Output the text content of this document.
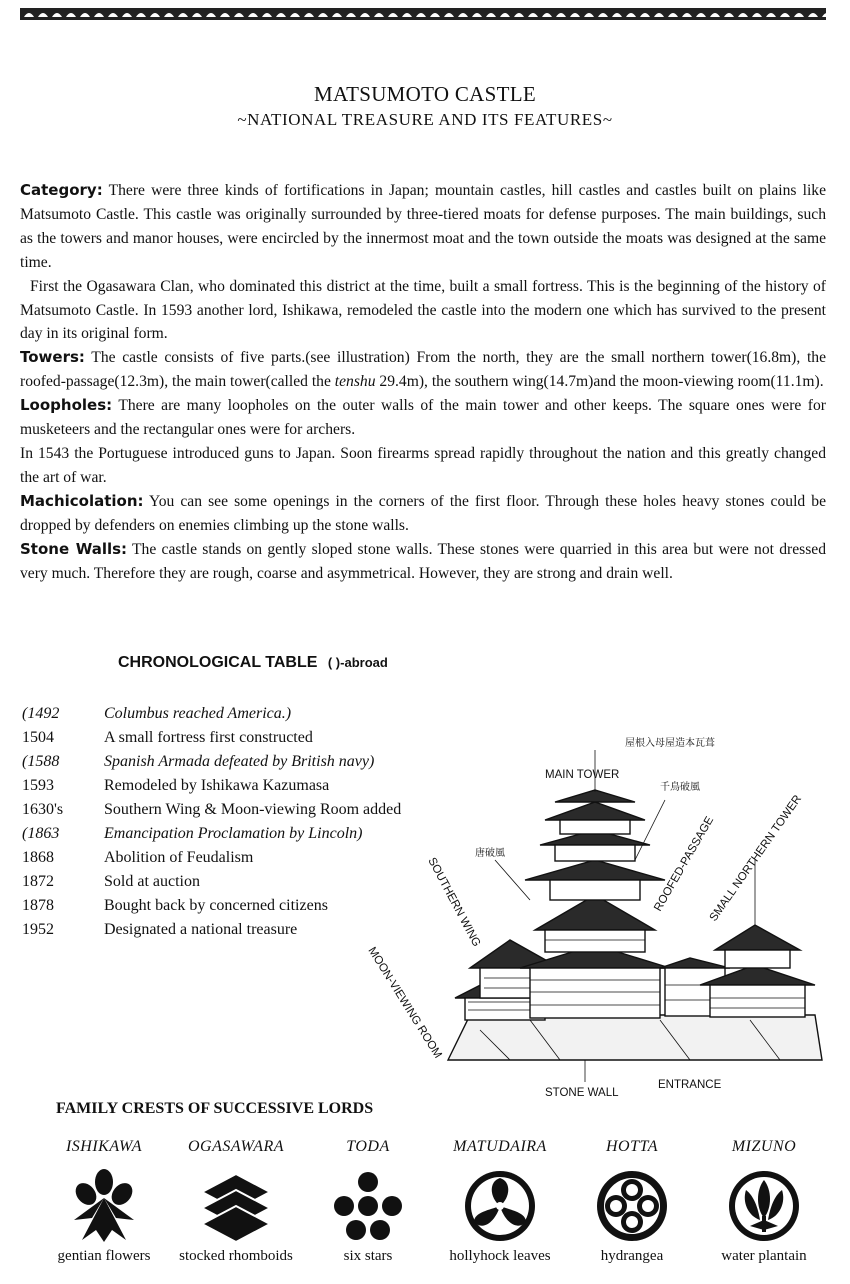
MATSUMOTO CASTLE
~NATIONAL TREASURE AND ITS FEATURES~

Category: There were three kinds of fortifications in Japan; mountain castles, hill castles and castles built on plains like Matsumoto Castle. This castle was originally surrounded by three-tiered moats for defense purposes. The main buildings, such as the towers and manor houses, were encircled by the innermost moat and the town outside the moats was designed at the same time.

First the Ogasawara Clan, who dominated this district at the time, built a small fortress. This is the beginning of the history of Matsumoto Castle. In 1593 another lord, Ishikawa, remodeled the castle into the modern one which has survived to the present day in its original form.

Towers: The castle consists of five parts.(see illustration) From the north, they are the small northern tower(16.8m), the roofed-passage(12.3m), the main tower(called the tenshu 29.4m), the southern wing(14.7m)and the moon-viewing room(11.1m).

Loopholes: There are many loopholes on the outer walls of the main tower and other keeps. The square ones were for musketeers and the rectangular ones were for archers.

In 1543 the Portuguese introduced guns to Japan. Soon firearms spread rapidly throughout the nation and this greatly changed the art of war.

Machicolation: You can see some openings in the corners of the first floor. Through these holes heavy stones could be dropped by defenders on enemies climbing up the stone walls.

Stone Walls: The castle stands on gently sloped stone walls. These stones were quarried in this area but were not dressed very much. Therefore they are rough, coarse and asymmetrical. However, they are strong and drain well.

CHRONOLOGICAL TABLE ( )-abroad
(1492	Columbus reached America.)
1504	A small fortress first constructed
(1588	Spanish Armada defeated by British navy)
1593	Remodeled by Ishikawa Kazumasa
1630's	Southern Wing & Moon-viewing Room added
(1863	Emancipation Proclamation by Lincoln)
1868	Abolition of Feudalism
1872	Sold at auction
1878	Bought back by concerned citizens
1952	Designated a national treasure
屋根入母屋造本瓦葺
千鳥破風
唐破風
MAIN TOWER
ROOFED-PASSAGE
SMALL NORTHERN TOWER
SOUTHERN WING
MOON-VIEWING ROOM
STONE WALL
ENTRANCE
FAMILY CRESTS OF SUCCESSIVE LORDS
ISHIKAWA
gentian flowers
OGASAWARA
stocked rhomboids
TODA
six stars
MATUDAIRA
hollyhock leaves
HOTTA
hydrangea
MIZUNO
water plantain
